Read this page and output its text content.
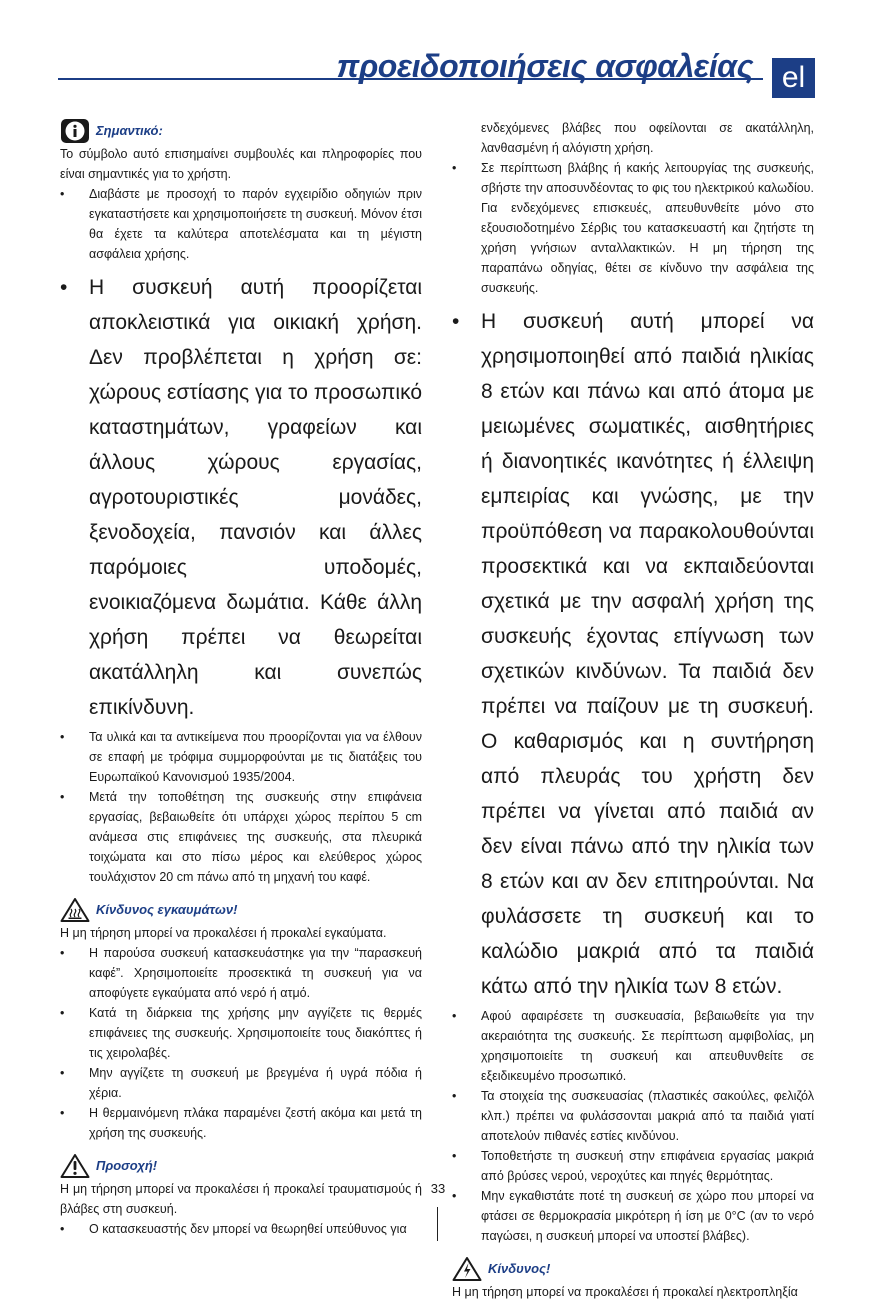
προειδοποιήσεις ασφαλείας el
Σημαντικό:

Το σύμβολο αυτό επισημαίνει συμβουλές και πληροφορίες που είναι σημαντικές για το χρήστη.

• Διαβάστε με προσοχή το παρόν εγχειρίδιο οδηγιών πριν εγκαταστήσετε και χρησιμοποιήσετε τη συσκευή. Μόνον έτσι θα έχετε τα καλύτερα αποτελέσματα και τη μέγιστη ασφάλεια χρήσης.
• Η συσκευή αυτή προορίζεται αποκλειστικά για οικιακή χρήση. Δεν προβλέπεται η χρήση σε: χώρους εστίασης για το προσωπικό καταστημάτων, γραφείων και άλλους χώρους εργασίας, αγροτουριστικές μονάδες, ξενοδοχεία, πανσιόν και άλλες παρόμοιες υποδομές, ενοικιαζόμενα δωμάτια. Κάθε άλλη χρήση πρέπει να θεωρείται ακατάλληλη και συνεπώς επικίνδυνη.
• Τα υλικά και τα αντικείμενα που προορίζονται για να έλθουν σε επαφή με τρόφιμα συμμορφούνται με τις διατάξεις του Ευρωπαϊκού Κανονισμού 1935/2004.
• Μετά την τοποθέτηση της συσκευής στην επιφάνεια εργασίας, βεβαιωθείτε ότι υπάρχει χώρος περίπου 5 cm ανάμεσα στις επιφάνειες της συσκευής, στα πλευρικά τοιχώματα και στο πίσω μέρος και ελεύθερος χώρος τουλάχιστον 20 cm πάνω από τη μηχανή του καφέ.
Κίνδυνος εγκαυμάτων!

Η μη τήρηση μπορεί να προκαλέσει ή προκαλεί εγκαύματα.

• Η παρούσα συσκευή κατασκευάστηκε για την “παρασκευή καφέ”. Χρησιμοποιείτε προσεκτικά τη συσκευή για να αποφύγετε εγκαύματα από νερό ή ατμό.
• Κατά τη διάρκεια της χρήσης μην αγγίζετε τις θερμές επιφάνειες της συσκευής. Χρησιμοποιείτε τους διακόπτες ή τις χειρολαβές.
• Μην αγγίζετε τη συσκευή με βρεγμένα ή υγρά πόδια ή χέρια.
• Η θερμαινόμενη πλάκα παραμένει ζεστή ακόμα και μετά τη χρήση της συσκευής.
Προσοχή!

Η μη τήρηση μπορεί να προκαλέσει ή προκαλεί τραυματισμούς ή βλάβες στη συσκευή.

• Ο κατασκευαστής δεν μπορεί να θεωρηθεί υπεύθυνος για

ενδεχόμενες βλάβες που οφείλονται σε ακατάλληλη, λανθασμένη ή αλόγιστη χρήση.

• Σε περίπτωση βλάβης ή κακής λειτουργίας της συσκευής, σβήστε την αποσυνδέοντας το φις του ηλεκτρικού καλωδίου. Για ενδεχόμενες επισκευές, απευθυνθείτε μόνο στο εξουσιοδοτημένο Σέρβις του κατασκευαστή και ζητήστε τη χρήση γνήσιων ανταλλακτικών. Η μη τήρηση της παραπάνω οδηγίας, θέτει σε κίνδυνο την ασφάλεια της συσκευής.
• Η συσκευή αυτή μπορεί να χρησιμοποιηθεί από παιδιά ηλικίας 8 ετών και πάνω και από άτομα με μειωμένες σωματικές, αισθητήριες ή διανοητικές ικανότητες ή έλλειψη εμπειρίας και γνώσης, με την προϋπόθεση να παρακολουθούνται προσεκτικά και να εκπαιδεύονται σχετικά με την ασφαλή χρήση της συσκευής έχοντας επίγνωση των σχετικών κινδύνων. Τα παιδιά δεν πρέπει να παίζουν με τη συσκευή. Ο καθαρισμός και η συντήρηση από πλευράς του χρήστη δεν πρέπει να γίνεται από παιδιά αν δεν είναι πάνω από την ηλικία των 8 ετών και αν δεν επιτηρούνται. Να φυλάσσετε τη συσκευή και το καλώδιο μακριά από τα παιδιά κάτω από την ηλικία των 8 ετών.
• Αφού αφαιρέσετε τη συσκευασία, βεβαιωθείτε για την ακεραιότητα της συσκευής. Σε περίπτωση αμφιβολίας, μη χρησιμοποιείτε τη συσκευή και απευθυνθείτε σε εξειδικευμένο προσωπικό.
• Τα στοιχεία της συσκευασίας (πλαστικές σακούλες, φελιζόλ κλπ.) πρέπει να φυλάσσονται μακριά από τα παιδιά γιατί αποτελούν πιθανές εστίες κινδύνου.
• Τοποθετήστε τη συσκευή στην επιφάνεια εργασίας μακριά από βρύσες νερού, νεροχύτες και πηγές θερμότητας.
• Μην εγκαθιστάτε ποτέ τη συσκευή σε χώρο που μπορεί να φτάσει σε θερμοκρασία μικρότερη ή ίση με 0°C (αν το νερό παγώσει, η συσκευή μπορεί να υποστεί βλάβες).
Κίνδυνος!

Η μη τήρηση μπορεί να προκαλέσει ή προκαλεί ηλεκτροπληξία

33
